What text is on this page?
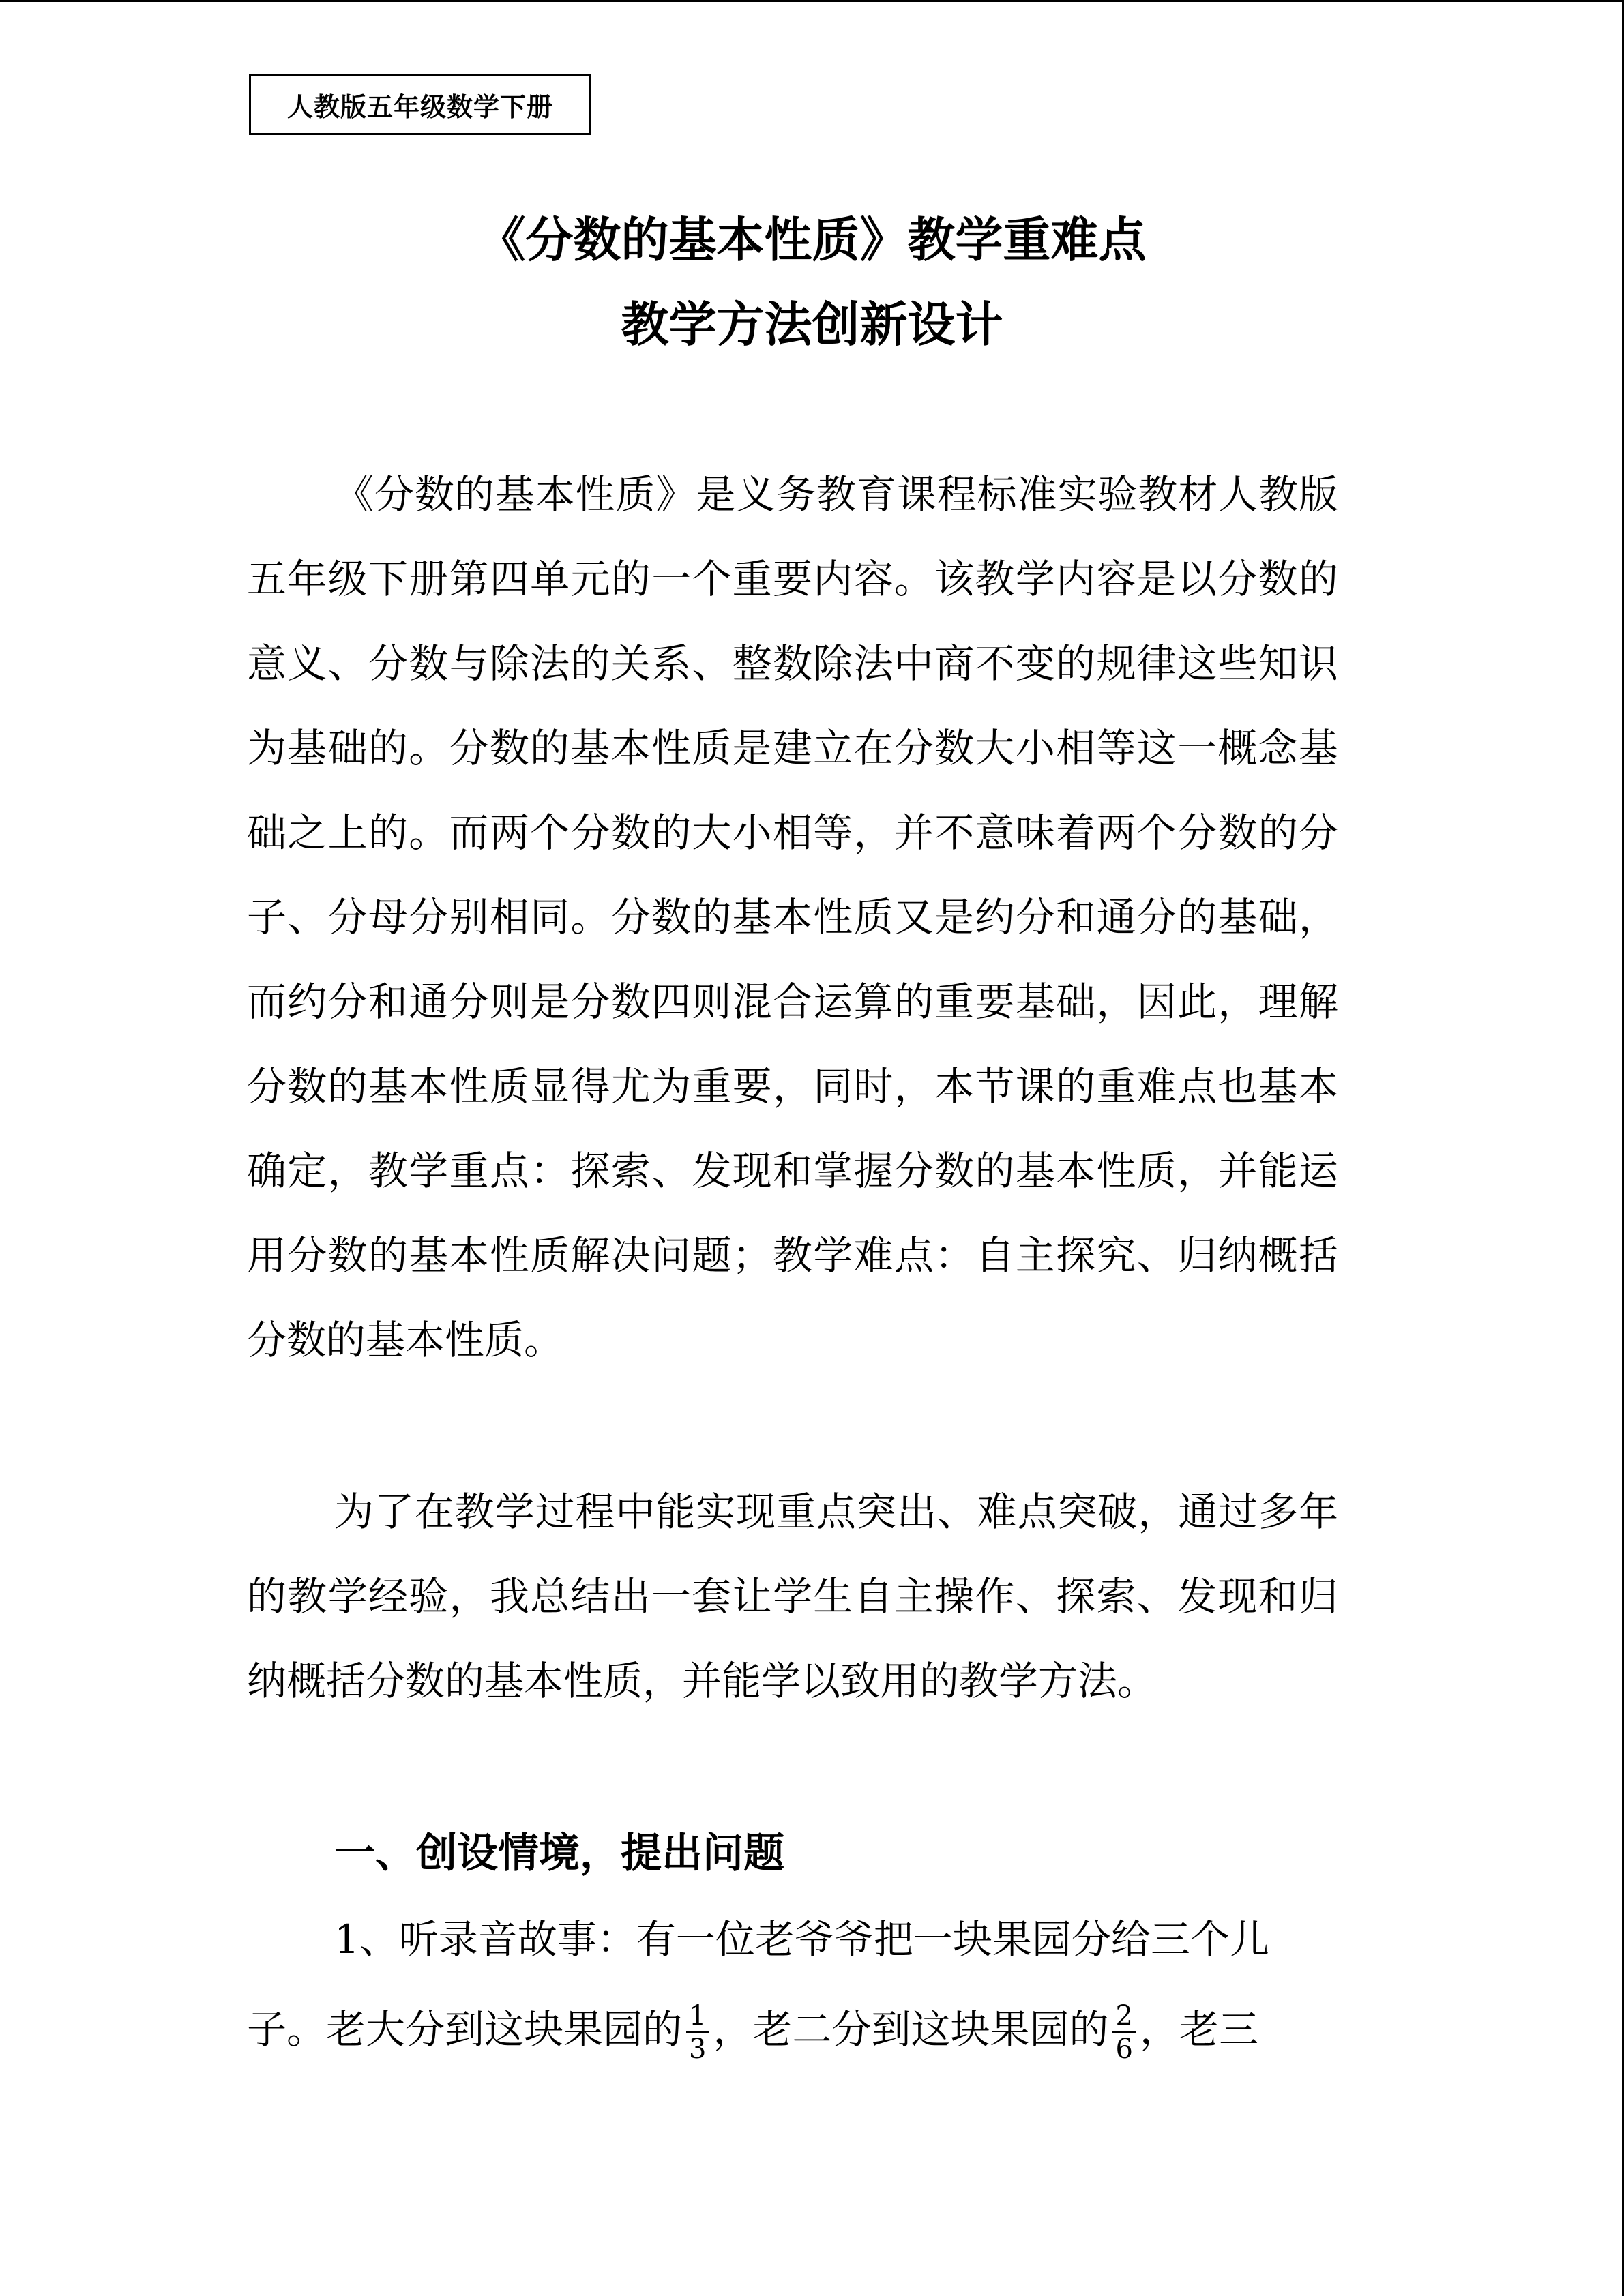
人教版五年级数学下册
《分数的基本性质》教学重难点
教学方法创新设计

《分数的基本性质》是义务教育课程标准实验教材人教版五年级下册第四单元的一个重要内容。该教学内容是以分数的意义、分数与除法的关系、整数除法中商不变的规律这些知识为基础的。分数的基本性质是建立在分数大小相等这一概念基础之上的。而两个分数的大小相等，并不意味着两个分数的分子、分母分别相同。分数的基本性质又是约分和通分的基础，而约分和通分则是分数四则混合运算的重要基础，因此，理解分数的基本性质显得尤为重要，同时，本节课的重难点也基本确定，教学重点：探索、发现和掌握分数的基本性质，并能运用分数的基本性质解决问题；教学难点：自主探究、归纳概括分数的基本性质。

为了在教学过程中能实现重点突出、难点突破，通过多年的教学经验，我总结出一套让学生自主操作、探索、发现和归纳概括分数的基本性质，并能学以致用的教学方法。

一、创设情境，提出问题
1、听录音故事：有一位老爷爷把一块果园分给三个儿
子。老大分到这块果园的 $\frac{1}{3}$ ，老二分到这块果园的 $\frac{2}{6}$ ，老三
